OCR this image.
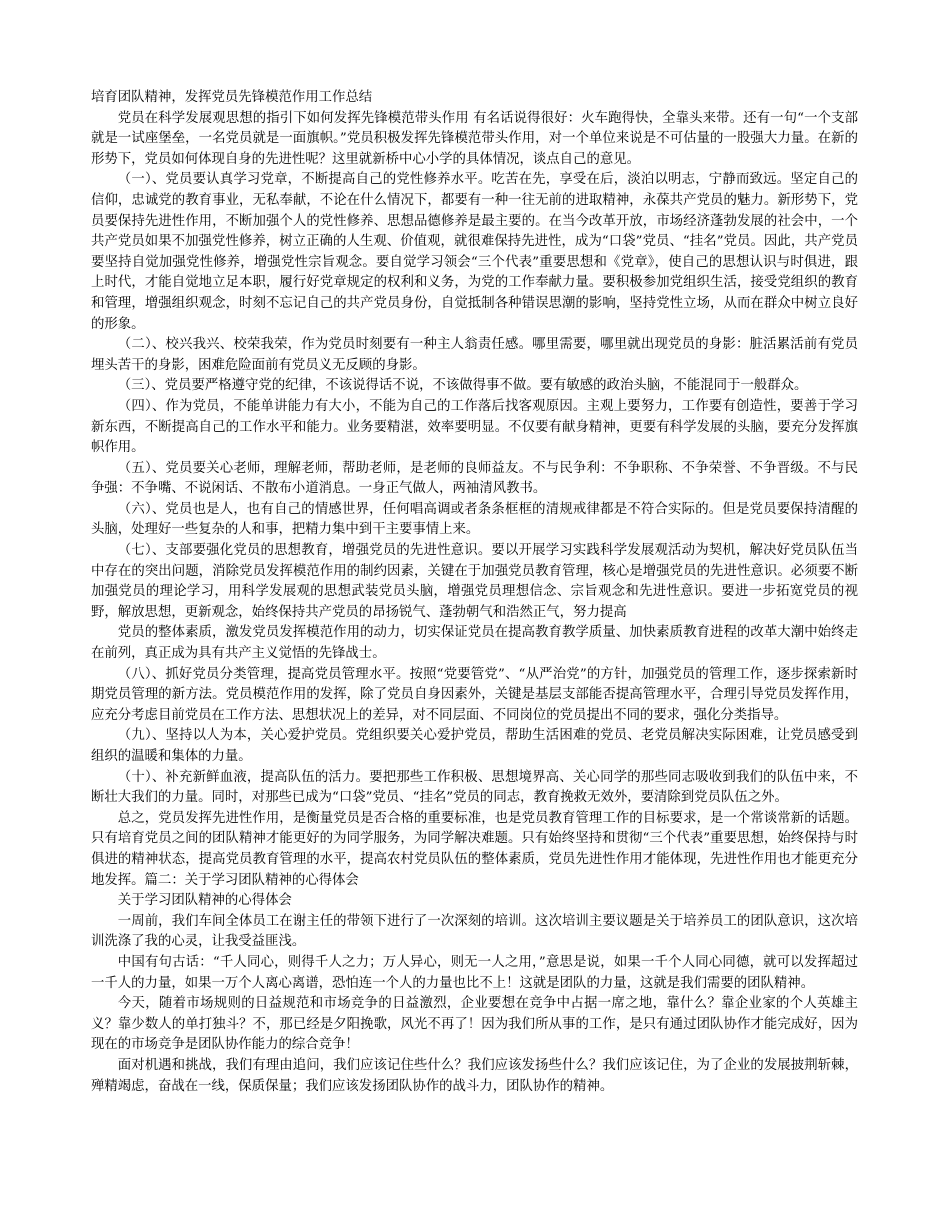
培育团队精神，发挥党员先锋模范作用工作总结

党员在科学发展观思想的指引下如何发挥先锋模范带头作用 有名话说得很好：火车跑得快，全靠头来带。还有一句“一个支部就是一试座堡垒，一名党员就是一面旗帜。”党员积极发挥先锋模范带头作用，对一个单位来说是不可估量的一股强大力量。在新的形势下，党员如何体现自身的先进性呢？这里就新桥中心小学的具体情况，谈点自己的意见。

（一）、党员要认真学习党章，不断提高自己的党性修养水平。吃苦在先，享受在后，淡泊以明志，宁静而致远。坚定自己的信仰，忠诚党的教育事业，无私奉献，不论在什么情况下，都要有一种一往无前的进取精神，永葆共产党员的魅力。新形势下，党员要保持先进性作用，不断加强个人的党性修养、思想品德修养是最主要的。在当今改革开放，市场经济蓬勃发展的社会中，一个共产党员如果不加强党性修养，树立正确的人生观、价值观，就很难保持先进性，成为“口袋”党员、“挂名”党员。因此，共产党员要坚持自觉加强党性修养，增强党性宗旨观念。要自觉学习领会“三个代表”重要思想和《党章》，使自己的思想认识与时俱进，跟上时代，才能自觉地立足本职，履行好党章规定的权利和义务，为党的工作奉献力量。要积极参加党组织生活，接受党组织的教育和管理，增强组织观念，时刻不忘记自己的共产党员身份，自觉抵制各种错误思潮的影响，坚持党性立场，从而在群众中树立良好的形象。

（二）、校兴我兴、校荣我荣，作为党员时刻要有一种主人翁责任感。哪里需要，哪里就出现党员的身影：脏活累活前有党员埋头苦干的身影，困难危险面前有党员义无反顾的身影。

（三）、党员要严格遵守党的纪律，不该说得话不说，不该做得事不做。要有敏感的政治头脑，不能混同于一般群众。

（四）、作为党员，不能单讲能力有大小，不能为自己的工作落后找客观原因。主观上要努力，工作要有创造性，要善于学习新东西，不断提高自己的工作水平和能力。业务要精湛，效率要明显。不仅要有献身精神，更要有科学发展的头脑，要充分发挥旗帜作用。

（五）、党员要关心老师，理解老师，帮助老师，是老师的良师益友。不与民争利：不争职称、不争荣誉、不争晋级。不与民争强：不争嘴、不说闲话、不散布小道消息。一身正气做人，两袖清风教书。

（六）、党员也是人，也有自己的情感世界，任何唱高调或者条条框框的清规戒律都是不符合实际的。但是党员要保持清醒的头脑，处理好一些复杂的人和事，把精力集中到干主要事情上来。

（七）、支部要强化党员的思想教育，增强党员的先进性意识。要以开展学习实践科学发展观活动为契机，解决好党员队伍当中存在的突出问题，消除党员发挥模范作用的制约因素，关键在于加强党员教育管理，核心是增强党员的先进性意识。必须要不断加强党员的理论学习，用科学发展观的思想武装党员头脑，增强党员理想信念、宗旨观念和先进性意识。要进一步拓宽党员的视野，解放思想，更新观念，始终保持共产党员的昂扬锐气、蓬勃朝气和浩然正气，努力提高

党员的整体素质，激发党员发挥模范作用的动力，切实保证党员在提高教育教学质量、加快素质教育进程的改革大潮中始终走在前列，真正成为具有共产主义觉悟的先锋战士。

（八）、抓好党员分类管理，提高党员管理水平。按照“党要管党”、“从严治党”的方针，加强党员的管理工作，逐步探索新时期党员管理的新方法。党员模范作用的发挥，除了党员自身因素外，关键是基层支部能否提高管理水平，合理引导党员发挥作用，应充分考虑目前党员在工作方法、思想状况上的差异，对不同层面、不同岗位的党员提出不同的要求，强化分类指导。

（九）、坚持以人为本，关心爱护党员。党组织要关心爱护党员，帮助生活困难的党员、老党员解决实际困难，让党员感受到组织的温暖和集体的力量。

（十）、补充新鲜血液，提高队伍的活力。要把那些工作积极、思想境界高、关心同学的那些同志吸收到我们的队伍中来，不断壮大我们的力量。同时，对那些已成为“口袋”党员、“挂名”党员的同志，教育挽救无效外，要清除到党员队伍之外。

总之，党员发挥先进性作用，是衡量党员是否合格的重要标准，也是党员教育管理工作的目标要求，是一个常谈常新的话题。只有培育党员之间的团队精神才能更好的为同学服务，为同学解决难题。只有始终坚持和贯彻“三个代表”重要思想，始终保持与时俱进的精神状态，提高党员教育管理的水平，提高农村党员队伍的整体素质，党员先进性作用才能体现，先进性作用也才能更充分地发挥。篇二：关于学习团队精神的心得体会

关于学习团队精神的心得体会

一周前，我们车间全体员工在谢主任的带领下进行了一次深刻的培训。这次培训主要议题是关于培养员工的团队意识，这次培训洗涤了我的心灵，让我受益匪浅。

中国有句古话：“千人同心，则得千人之力；万人异心，则无一人之用，”意思是说，如果一千个人同心同德，就可以发挥超过一千人的力量，如果一万个人离心离谱，恐怕连一个人的力量也比不上！这就是团队的力量，这就是我们需要的团队精神。

今天，随着市场规则的日益规范和市场竞争的日益激烈，企业要想在竞争中占据一席之地，靠什么？靠企业家的个人英雄主义？靠少数人的单打独斗？不，那已经是夕阳挽歌，风光不再了！因为我们所从事的工作，是只有通过团队协作才能完成好，因为现在的市场竞争是团队协作能力的综合竞争！

面对机遇和挑战，我们有理由追问，我们应该记住些什么？我们应该发扬些什么？我们应该记住，为了企业的发展披荆斩棘，殚精竭虑，奋战在一线，保质保量；我们应该发扬团队协作的战斗力，团队协作的精神。
